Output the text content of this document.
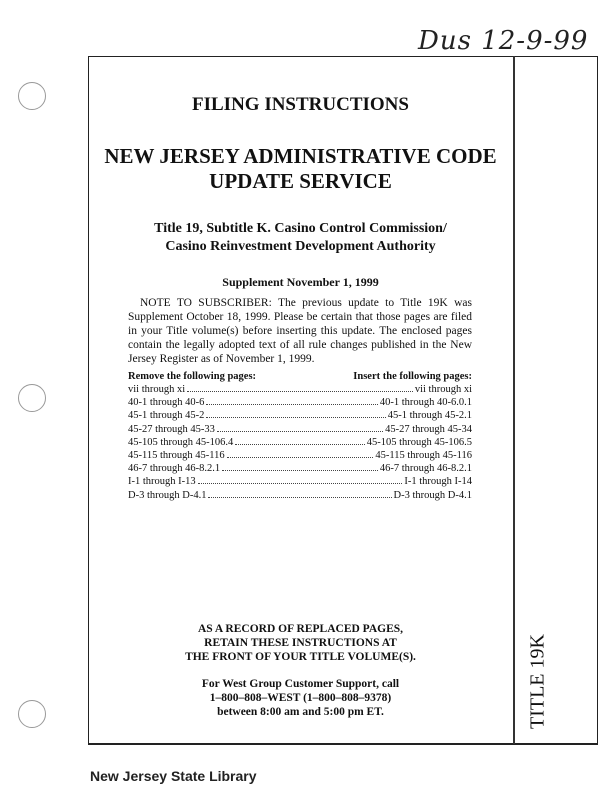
Dus 12-9-99
TITLE 19K
FILING INSTRUCTIONS
NEW JERSEY ADMINISTRATIVE CODE
UPDATE SERVICE
Title 19, Subtitle K. Casino Control Commission/
Casino Reinvestment Development Authority
Supplement November 1, 1999
NOTE TO SUBSCRIBER: The previous update to Title 19K was Supplement October 18, 1999. Please be certain that those pages are filed in your Title volume(s) before inserting this update. The enclosed pages contain the legally adopted text of all rule changes published in the New Jersey Register as of November 1, 1999.
Remove the following pages:	Insert the following pages:
vii through xi	vii through xi
40-1 through 40-6	40-1 through 40-6.0.1
45-1 through 45-2	45-1 through 45-2.1
45-27 through 45-33	45-27 through 45-34
45-105 through 45-106.4	45-105 through 45-106.5
45-115 through 45-116	45-115 through 45-116
46-7 through 46-8.2.1	46-7 through 46-8.2.1
I-1 through I-13	I-1 through I-14
D-3 through D-4.1	D-3 through D-4.1
AS A RECORD OF REPLACED PAGES,
RETAIN THESE INSTRUCTIONS AT
THE FRONT OF YOUR TITLE VOLUME(S).
For West Group Customer Support, call
1–800–808–WEST (1–800–808–9378)
between 8:00 am and 5:00 pm ET.
New Jersey State Library
